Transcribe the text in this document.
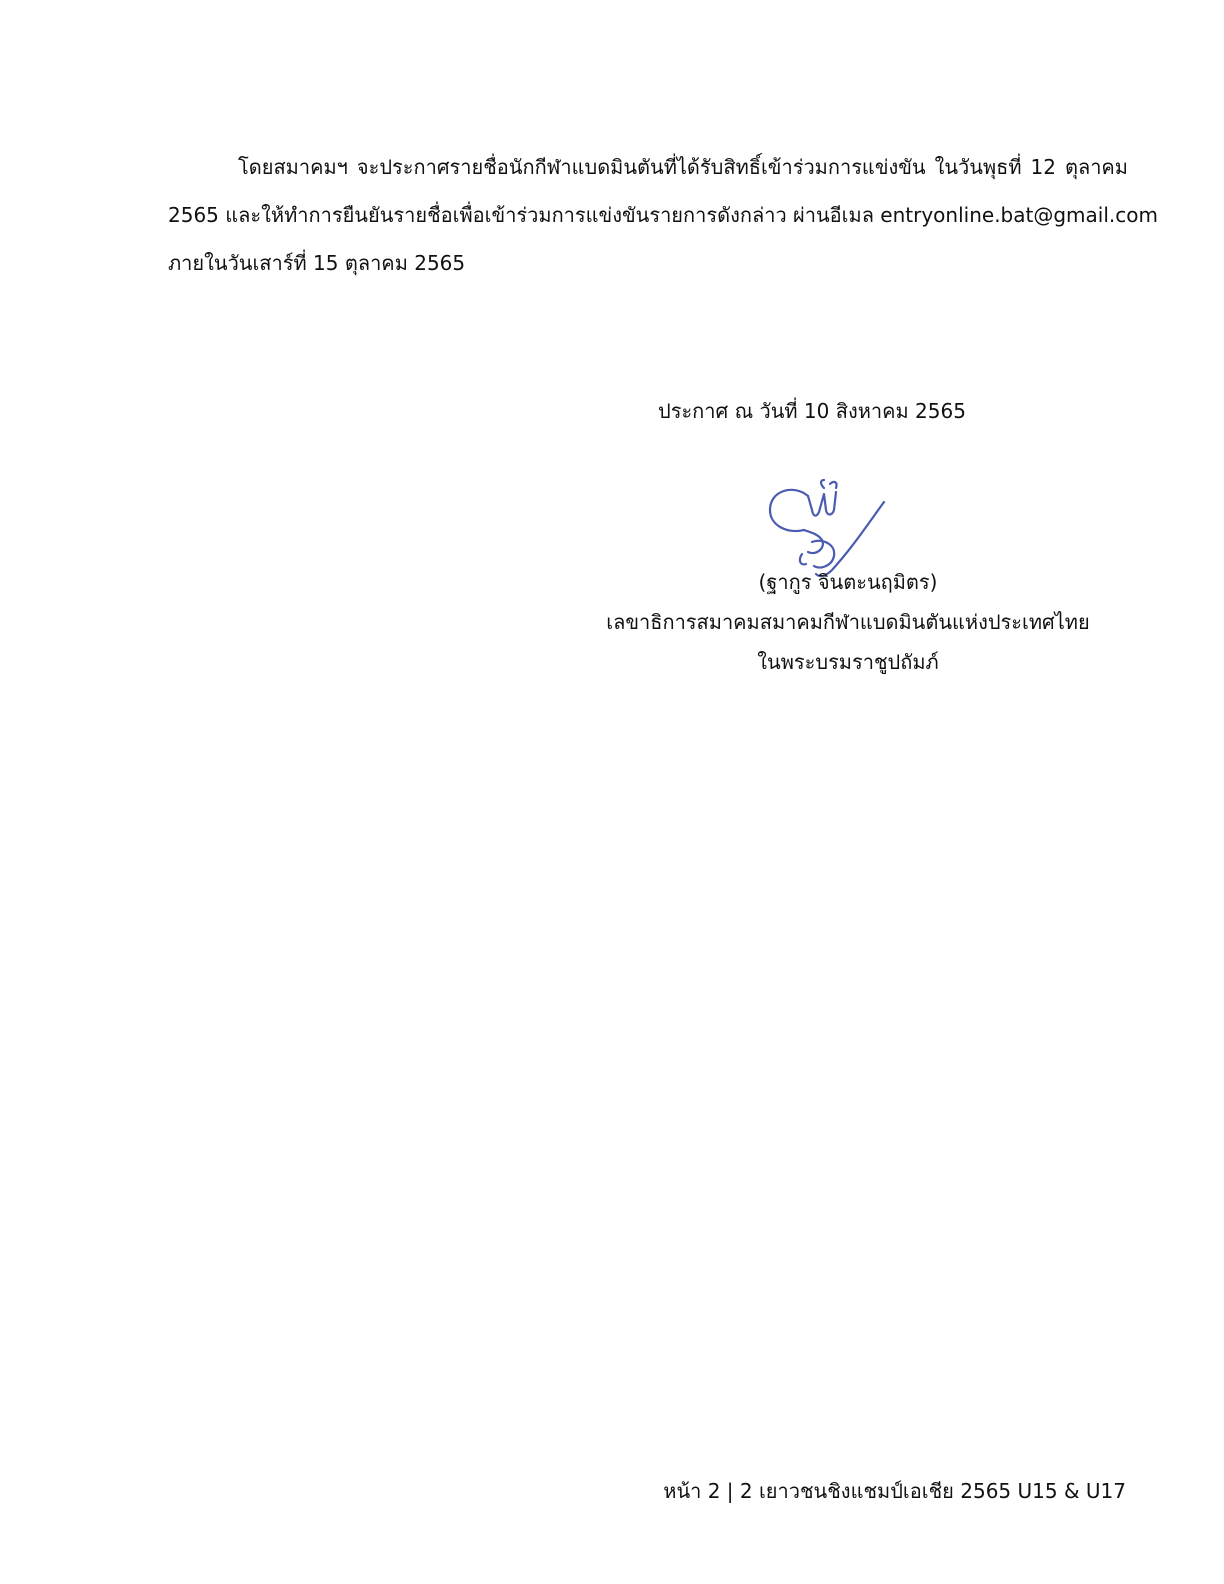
โดยสมาคมฯ จะประกาศรายชื่อนักกีฬาแบดมินตันที่ได้รับสิทธิ์เข้าร่วมการแข่งขัน ในวันพุธที่ 12 ตุลาคม
2565 และให้ทำการยืนยันรายชื่อเพื่อเข้าร่วมการแข่งขันรายการดังกล่าว ผ่านอีเมล entryonline.bat@gmail.com
ภายในวันเสาร์ที่ 15 ตุลาคม 2565
ประกาศ ณ วันที่ 10 สิงหาคม 2565
(ฐากูร จินตะนฤมิตร)
เลขาธิการสมาคมสมาคมกีฬาแบดมินตันแห่งประเทศไทย
ในพระบรมราชูปถัมภ์
หน้า 2 | 2 เยาวชนชิงแชมป์เอเชีย 2565 U15 & U17
